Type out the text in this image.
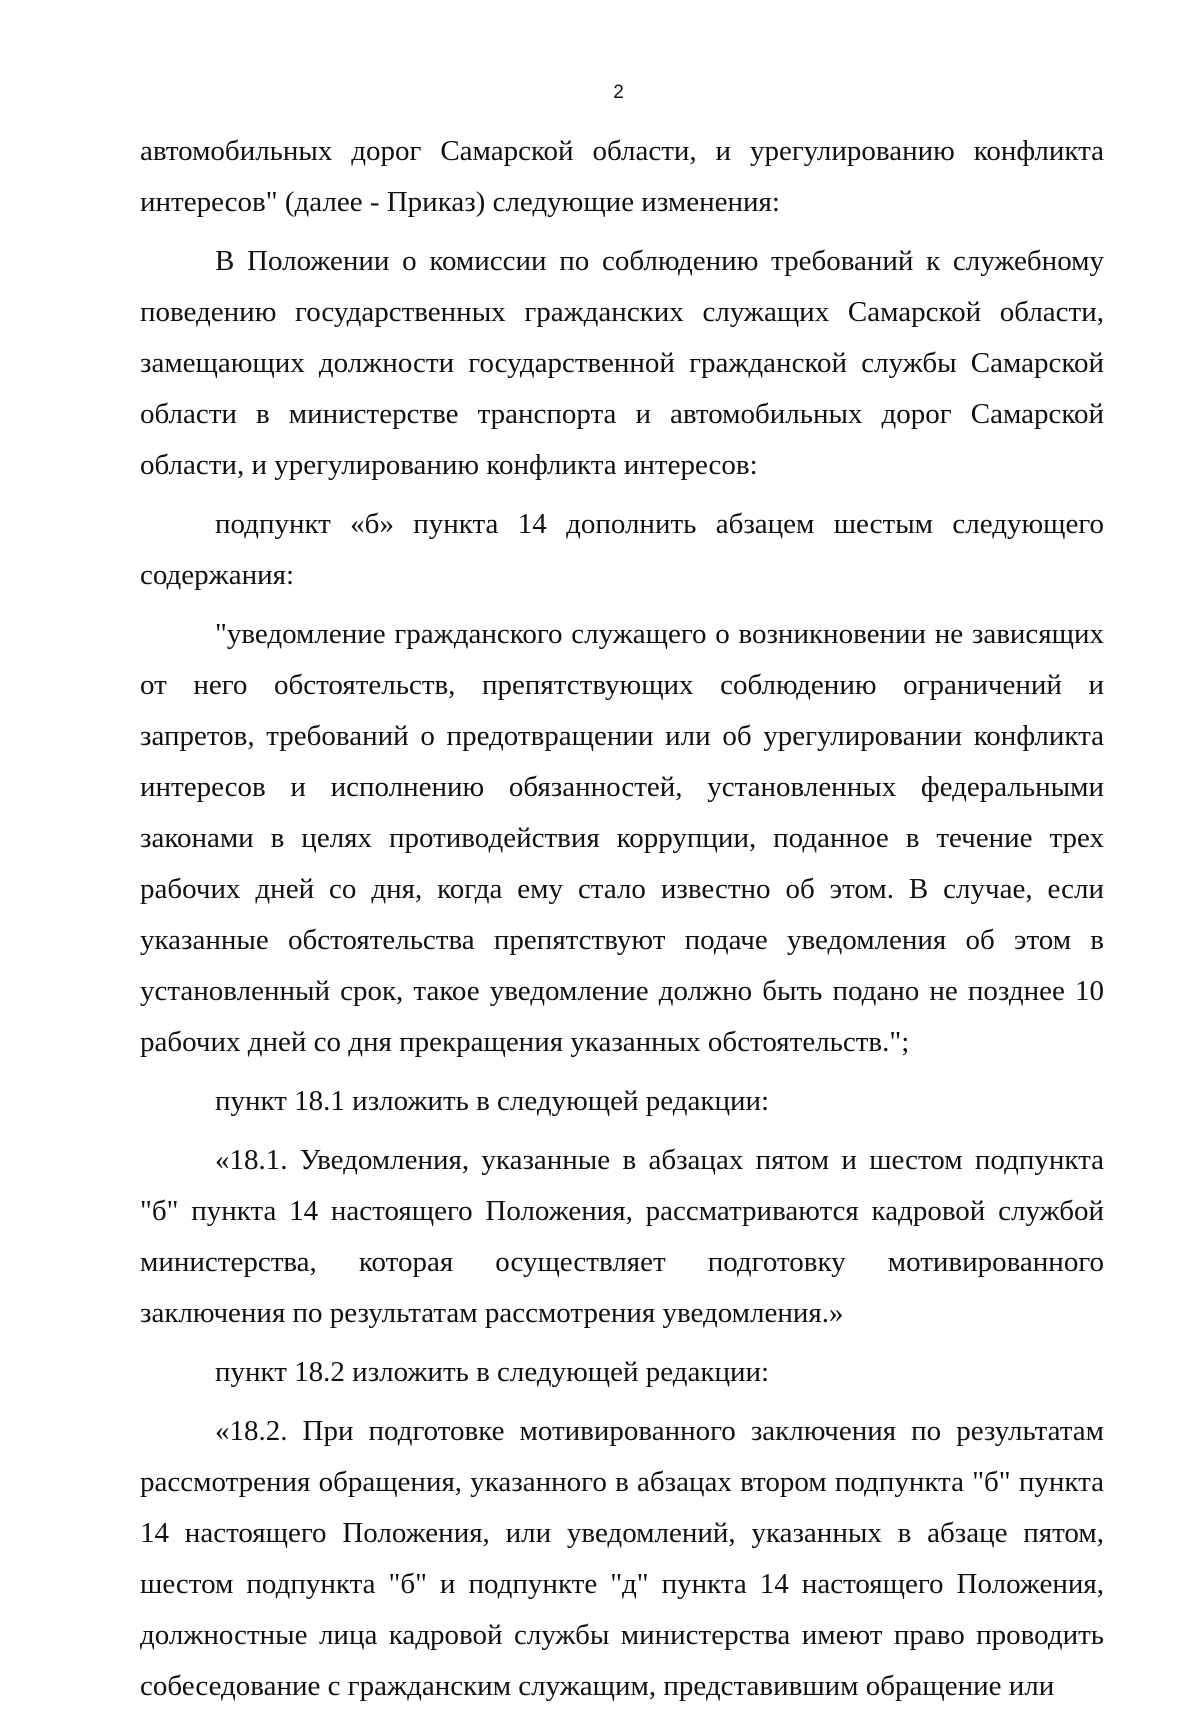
2

автомобильных дорог Самарской области, и урегулированию конфликта интересов" (далее - Приказ) следующие изменения:

В Положении о комиссии по соблюдению требований к служебному поведению государственных гражданских служащих Самарской области, замещающих должности государственной гражданской службы Самарской области в министерстве транспорта и автомобильных дорог Самарской области, и урегулированию конфликта интересов:

подпункт «б» пункта 14 дополнить абзацем шестым следующего содержания:

"уведомление гражданского служащего о возникновении не зависящих от него обстоятельств, препятствующих соблюдению ограничений и запретов, требований о предотвращении или об урегулировании конфликта интересов и исполнению обязанностей, установленных федеральными законами в целях противодействия коррупции, поданное в течение трех рабочих дней со дня, когда ему стало известно об этом. В случае, если указанные обстоятельства препятствуют подаче уведомления об этом в установленный срок, такое уведомление должно быть подано не позднее 10 рабочих дней со дня прекращения указанных обстоятельств.";

пункт 18.1 изложить в следующей редакции:

«18.1. Уведомления, указанные в абзацах пятом и шестом подпункта "б" пункта 14 настоящего Положения, рассматриваются кадровой службой министерства, которая осуществляет подготовку мотивированного заключения по результатам рассмотрения уведомления.»

пункт 18.2 изложить в следующей редакции:

«18.2. При подготовке мотивированного заключения по результатам рассмотрения обращения, указанного в абзацах втором подпункта "б" пункта 14 настоящего Положения, или уведомлений, указанных в абзаце пятом, шестом подпункта "б" и подпункте "д" пункта 14 настоящего Положения, должностные лица кадровой службы министерства имеют право проводить собеседование с гражданским служащим, представившим обращение или
